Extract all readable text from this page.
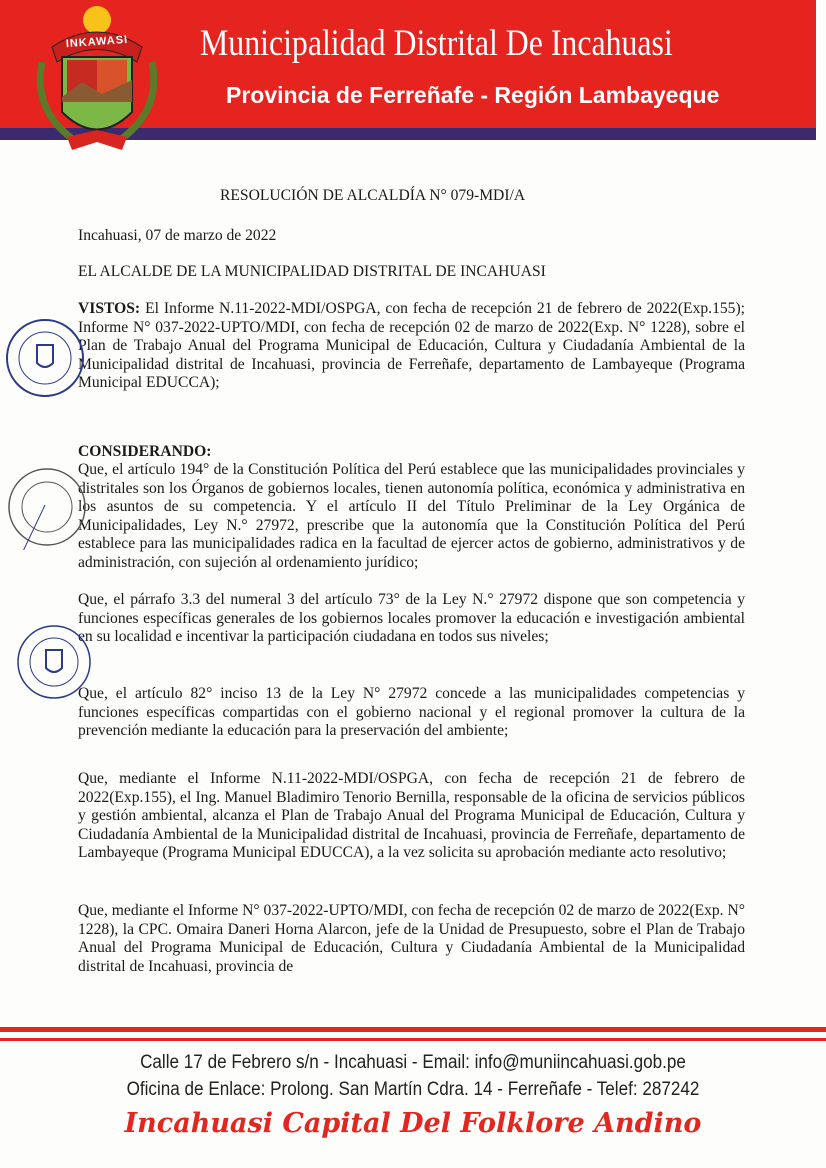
INKAWASI Municipalidad Distrital De Incahuasi
Provincia de Ferreñafe - Región Lambayeque
RESOLUCIÓN DE ALCALDÍA N° 079-MDI/A
Incahuasi, 07 de marzo de 2022
EL ALCALDE DE LA MUNICIPALIDAD DISTRITAL DE INCAHUASI
VISTOS: El Informe N.11-2022-MDI/OSPGA, con fecha de recepción 21 de febrero de 2022(Exp.155); Informe N° 037-2022-UPTO/MDI, con fecha de recepción 02 de marzo de 2022(Exp. N° 1228), sobre el Plan de Trabajo Anual del Programa Municipal de Educación, Cultura y Ciudadanía Ambiental de la Municipalidad distrital de Incahuasi, provincia de Ferreñafe, departamento de Lambayeque (Programa Municipal EDUCCA);
CONSIDERANDO:
Que, el artículo 194° de la Constitución Política del Perú establece que las municipalidades provinciales y distritales son los Órganos de gobiernos locales, tienen autonomía política, económica y administrativa en los asuntos de su competencia. Y el artículo II del Título Preliminar de la Ley Orgánica de Municipalidades, Ley N.° 27972, prescribe que la autonomía que la Constitución Política del Perú establece para las municipalidades radica en la facultad de ejercer actos de gobierno, administrativos y de administración, con sujeción al ordenamiento jurídico;
Que, el párrafo 3.3 del numeral 3 del artículo 73° de la Ley N.° 27972 dispone que son competencia y funciones específicas generales de los gobiernos locales promover la educación e investigación ambiental en su localidad e incentivar la participación ciudadana en todos sus niveles;
Que, el artículo 82° inciso 13 de la Ley N° 27972 concede a las municipalidades competencias y funciones específicas compartidas con el gobierno nacional y el regional promover la cultura de la prevención mediante la educación para la preservación del ambiente;
Que, mediante el Informe N.11-2022-MDI/OSPGA, con fecha de recepción 21 de febrero de 2022(Exp.155), el Ing. Manuel Bladimiro Tenorio Bernilla, responsable de la oficina de servicios públicos y gestión ambiental, alcanza el Plan de Trabajo Anual del Programa Municipal de Educación, Cultura y Ciudadanía Ambiental de la Municipalidad distrital de Incahuasi, provincia de Ferreñafe, departamento de Lambayeque (Programa Municipal EDUCCA), a la vez solicita su aprobación mediante acto resolutivo;
Que, mediante el Informe N° 037-2022-UPTO/MDI, con fecha de recepción 02 de marzo de 2022(Exp. N° 1228), la CPC. Omaira Daneri Horna Alarcon, jefe de la Unidad de Presupuesto, sobre el Plan de Trabajo Anual del Programa Municipal de Educación, Cultura y Ciudadanía Ambiental de la Municipalidad distrital de Incahuasi, provincia de
Calle 17 de Febrero s/n - Incahuasi - Email: info@muniincahuasi.gob.pe
Oficina de Enlace: Prolong. San Martín Cdra. 14 - Ferreñafe - Telef: 287242
Incahuasi Capital Del Folklore Andino
